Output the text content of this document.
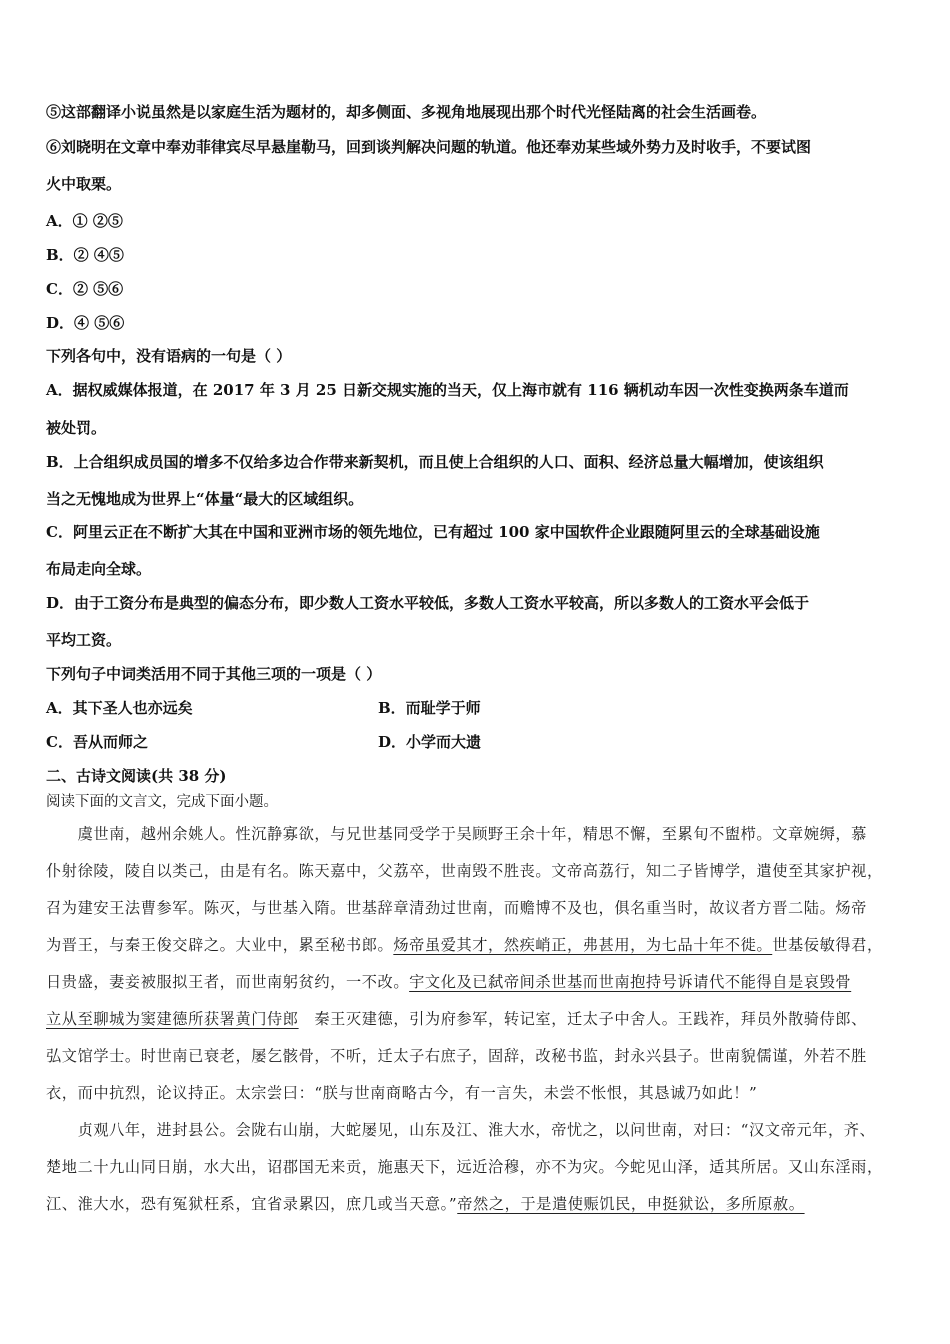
⑤这部翻译小说虽然是以家庭生活为题材的，却多侧面、多视角地展现出那个时代光怪陆离的社会生活画卷。
⑥刘晓明在文章中奉劝菲律宾尽早悬崖勒马，回到谈判解决问题的轨道。他还奉劝某些域外势力及时收手，不要试图
火中取栗。
A．① ②⑤
B．② ④⑤
C．② ⑤⑥
D．④ ⑤⑥
下列各句中，没有语病的一句是（ ）
A．据权威媒体报道，在 2017 年 3 月 25 日新交规实施的当天，仅上海市就有 116 辆机动车因一次性变换两条车道而
被处罚。
B．上合组织成员国的增多不仅给多边合作带来新契机，而且使上合组织的人口、面积、经济总量大幅增加，使该组织
当之无愧地成为世界上“体量“最大的区域组织。
C．阿里云正在不断扩大其在中国和亚洲市场的领先地位，已有超过 100 家中国软件企业跟随阿里云的全球基础设施
布局走向全球。
D．由于工资分布是典型的偏态分布，即少数人工资水平较低，多数人工资水平较高，所以多数人的工资水平会低于
平均工资。
下列句子中词类活用不同于其他三项的一项是（ ）
A．其下圣人也亦远矣	B．而耻学于师
C．吾从而师之	D．小学而大遗
二、古诗文阅读(共 38 分)
阅读下面的文言文，完成下面小题。
　　虞世南，越州余姚人。性沉静寡欲，与兄世基同受学于吴顾野王余十年，精思不懈，至累旬不盥栉。文章婉缛，慕
仆射徐陵，陵自以类己，由是有名。陈天嘉中，父荔卒，世南毁不胜丧。文帝高荔行，知二子皆博学，遣使至其家护视，
召为建安王法曹参军。陈灭，与世基入隋。世基辞章清劲过世南，而赡博不及也，俱名重当时，故议者方晋二陆。炀帝
为晋王，与秦王俊交辟之。大业中，累至秘书郎。炀帝虽爱其才，然疾峭正，弗甚用，为七品十年不徙。世基佞敏得君，
日贵盛，妻妾被服拟王者，而世南躬贫约，一不改。宇文化及已弑帝间杀世基而世南抱持号诉请代不能得自是哀毁骨
立从至聊城为窦建德所获署黄门侍郎　秦王灭建德，引为府参军，转记室，迁太子中舍人。王践祚，拜员外散骑侍郎、
弘文馆学士。时世南已衰老，屡乞骸骨，不听，迁太子右庶子，固辞，改秘书监，封永兴县子。世南貌儒谨，外若不胜
衣，而中抗烈，论议持正。太宗尝曰：“朕与世南商略古今，有一言失，未尝不怅恨，其恳诚乃如此！”
　　贞观八年，进封县公。会陇右山崩，大蛇屡见，山东及江、淮大水，帝忧之，以问世南，对曰：“汉文帝元年，齐、
楚地二十九山同日崩，水大出，诏郡国无来贡，施惠天下，远近洽穆，亦不为灾。今蛇见山泽，适其所居。又山东淫雨，
江、淮大水，恐有冤狱枉系，宜省录累囚，庶几或当天意。”帝然之，于是遣使赈饥民，申挺狱讼，多所原赦。
